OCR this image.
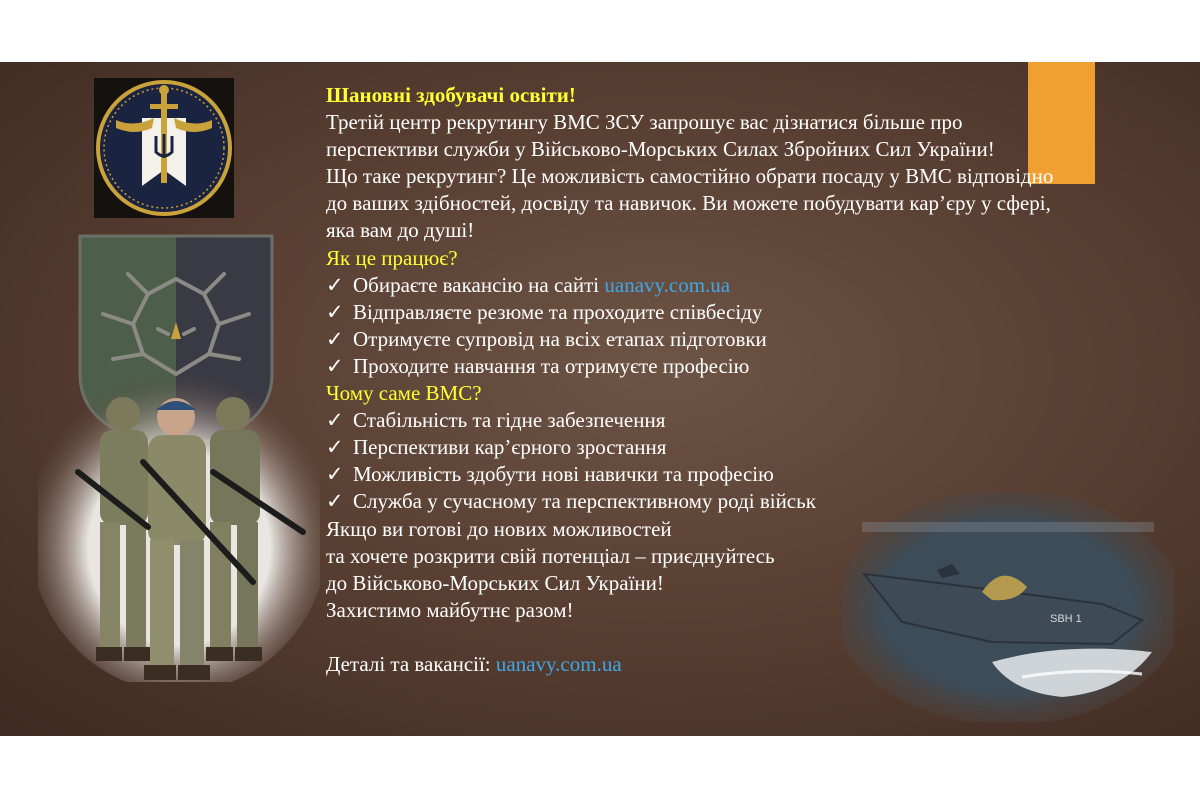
SBH 1
Шановні здобувачі освіти!
Третій центр рекрутингу ВМС ЗСУ запрошує вас дізнатися більше про
перспективи служби у Військово-Морських Силах Збройних Сил України!
Що таке рекрутинг? Це можливість самостійно обрати посаду у ВМС відповідно
до ваших здібностей, досвіду та навичок. Ви можете побудувати кар’єру у сфері,
яка вам до душі!
Як це працює?
✓ Обираєте вакансію на сайті uanavy.com.ua
✓ Відправляєте резюме та проходите співбесіду
✓ Отримуєте супровід на всіх етапах підготовки
✓ Проходите навчання та отримуєте професію
Чому саме ВМС?
✓ Стабільність та гідне забезпечення
✓ Перспективи кар’єрного зростання
✓ Можливість здобути нові навички та професію
✓ Служба у сучасному та перспективному роді військ
Якщо ви готові до нових можливостей
та хочете розкрити свій потенціал – приєднуйтесь
до Військово-Морських Сил України!
Захистимо майбутнє разом!
Деталі та вакансії: uanavy.com.ua
